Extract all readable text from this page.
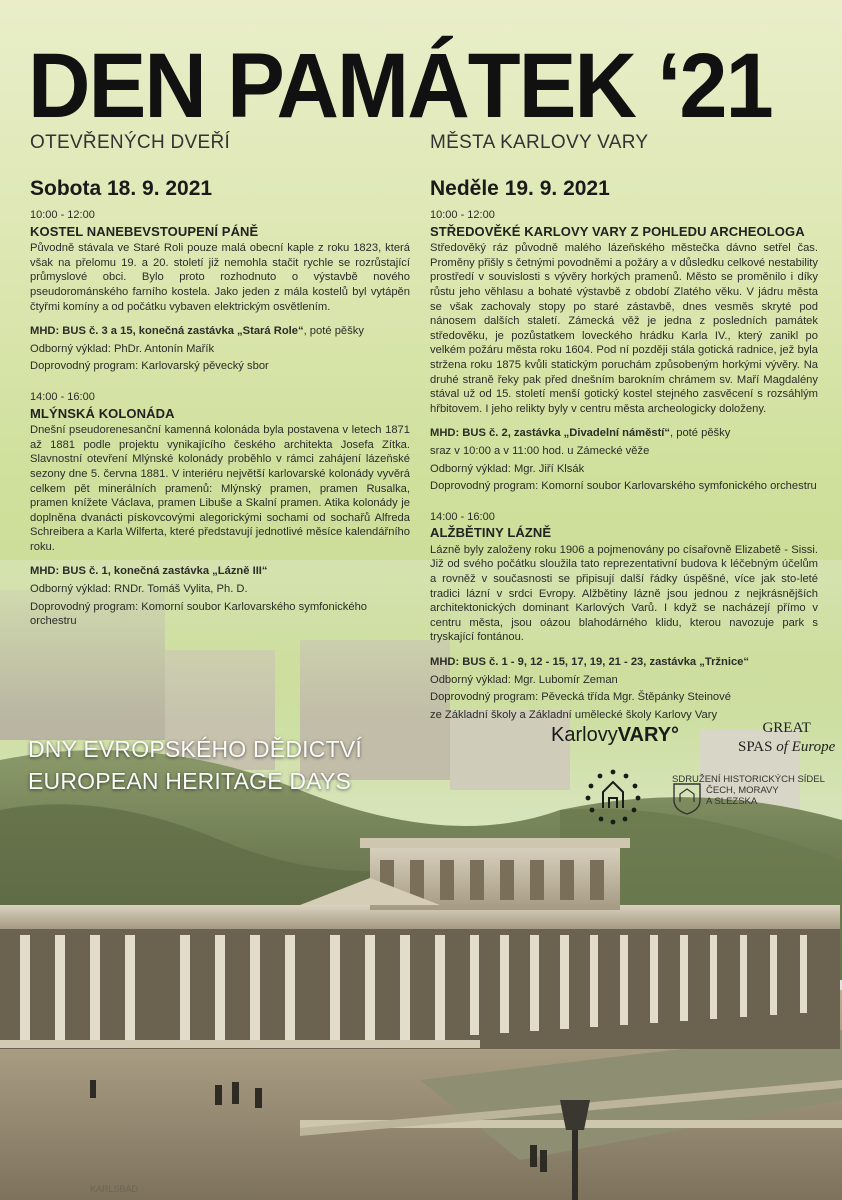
KARLSBAD
DEN PAMÁTEK ‘21
OTEVŘENÝCH DVEŘÍ	MĚSTA KARLOVY VARY
Sobota 18. 9. 2021
10:00 - 12:00
KOSTEL NANEBEVSTOUPENÍ PÁNĚ
Původně stávala ve Staré Roli pouze malá obecní kaple z roku 1823, která však na přelomu 19. a 20. století již nemohla stačit rychle se rozrůstající průmyslové obci. Bylo proto rozhodnuto o výstavbě nového pseudorománského farního kostela. Jako jeden z mála kostelů byl vytápěn čtyřmi komíny a od počátku vybaven elektrickým osvětlením.
MHD: BUS č. 3 a 15, konečná zastávka „Stará Role“, poté pěšky
Odborný výklad: PhDr. Antonín Mařík
Doprovodný program: Karlovarský pěvecký sbor
14:00 - 16:00
MLÝNSKÁ KOLONÁDA
Dnešní pseudorenesanční kamenná kolonáda byla postavena v letech 1871 až 1881 podle projektu vynikajícího českého architekta Josefa Zítka. Slavnostní otevření Mlýnské kolonády proběhlo v rámci zahájení lázeňské sezony dne 5. června 1881. V interiéru největší karlovarské kolonády vyvěrá celkem pět minerálních pramenů: Mlýnský pramen, pramen Rusalka, pramen knížete Václava, pramen Libuše a Skalní pramen. Atika kolonády je doplněna dvanácti pískovcovými alegorickými sochami od sochařů Alfreda Schreibera a Karla Wilferta, které představují jednotlivé měsíce kalendářního roku.
MHD: BUS č. 1, konečná zastávka „Lázně III“
Odborný výklad: RNDr. Tomáš Vylita, Ph. D.
Doprovodný program: Komorní soubor Karlovarského symfonického orchestru
Neděle 19. 9. 2021
10:00 - 12:00
STŘEDOVĚKÉ KARLOVY VARY Z POHLEDU ARCHEOLOGA
Středověký ráz původně malého lázeňského městečka dávno setřel čas. Proměny přišly s četnými povodněmi a požáry a v důsledku celkové nestability prostředí v souvislosti s vývěry horkých pramenů. Město se proměnilo i díky růstu jeho věhlasu a bohaté výstavbě z období Zlatého věku. V jádru města se však zachovaly stopy po staré zástavbě, dnes vesměs skryté pod nánosem dalších staletí. Zámecká věž je jedna z posledních památek středověku, je pozůstatkem loveckého hrádku Karla IV., který zanikl po velkém požáru města roku 1604. Pod ní později stála gotická radnice, jež byla stržena roku 1875 kvůli statickým poruchám způsobeným horkými vývěry. Na druhé straně řeky pak před dnešním barokním chrámem sv. Maří Magdalény stával už od 15. století menší gotický kostel stejného zasvěcení s rozsáhlým hřbitovem. I jeho relikty byly v centru města archeologicky doloženy.
MHD: BUS č. 2, zastávka „Divadelní náměstí“, poté pěšky
sraz v 10:00 a v 11:00 hod. u Zámecké věže
Odborný výklad: Mgr. Jiří Klsák
Doprovodný program: Komorní soubor Karlovarského symfonického orchestru
14:00 - 16:00
ALŽBĚTINY LÁZNĚ
Lázně byly založeny roku 1906 a pojmenovány po císařovně Elizabetě - Sissi. Již od svého počátku sloužila tato reprezentativní budova k léčebným účelům a rovněž v současnosti se připisují další řádky úspěšné, více jak sto-leté tradici lázní v srdci Evropy. Alžbětiny lázně jsou jednou z nejkrásnějších architektonických dominant Karlových Varů. I když se nacházejí přímo v centru města, jsou oázou blahodárného klidu, kterou navozuje park s tryskající fontánou.
MHD: BUS č. 1 - 9, 12 - 15, 17, 19, 21 - 23, zastávka „Tržnice“
Odborný výklad: Mgr. Lubomír Zeman
Doprovodný program: Pěvecká třída Mgr. Štěpánky Steinové
ze Základní školy a Základní umělecké školy Karlovy Vary
DNY EVROPSKÉHO DĚDICTVÍ
EUROPEAN HERITAGE DAYS
KarlovyVARY°	GREAT
SPAS of Europe
SDRUŽENÍ HISTORICKÝCH SÍDEL
ČECH, MORAVY
A SLEZSKA
